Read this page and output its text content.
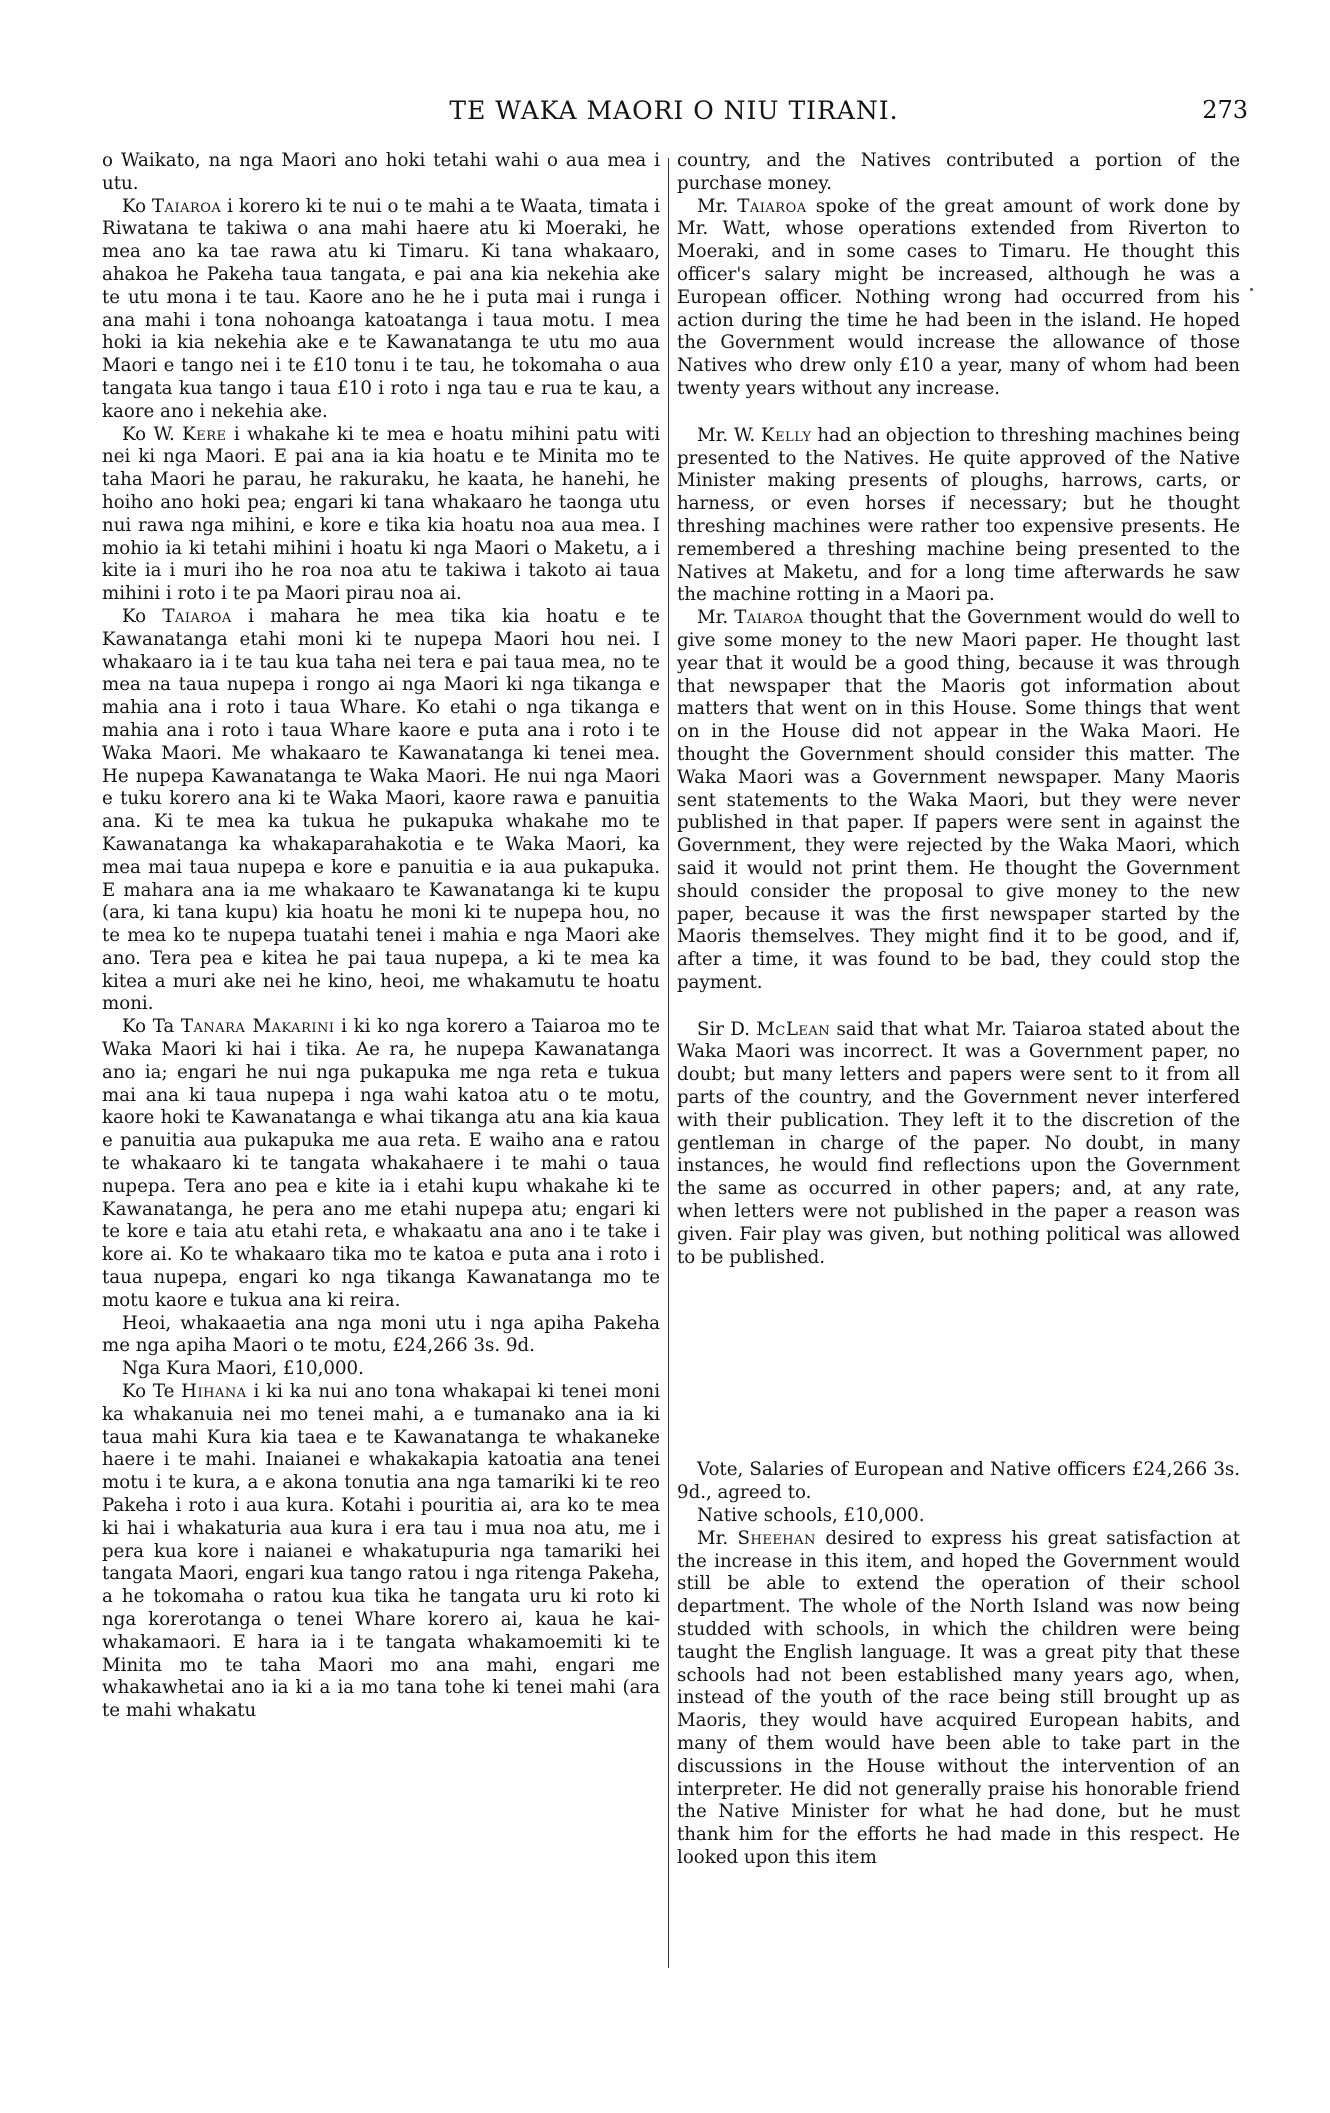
TE WAKA MAORI O NIU TIRANI.	273

o Waikato, na nga Maori ano hoki tetahi wahi o aua mea i utu.

Ko Taiaroa i korero ki te nui o te mahi a te Waata, timata i Riwatana te takiwa o ana mahi haere atu ki Moeraki, he mea ano ka tae rawa atu ki Timaru. Ki tana whakaaro, ahakoa he Pakeha taua tangata, e pai ana kia nekehia ake te utu mona i te tau. Kaore ano he he i puta mai i runga i ana mahi i tona nohoanga katoatanga i taua motu. I mea hoki ia kia nekehia ake e te Kawanatanga te utu mo aua Maori e tango nei i te £10 tonu i te tau, he tokomaha o aua tangata kua tango i taua £10 i roto i nga tau e rua te kau, a kaore ano i nekehia ake.

Ko W. Kere i whakahe ki te mea e hoatu mihini patu witi nei ki nga Maori. E pai ana ia kia hoatu e te Minita mo te taha Maori he parau, he rakuraku, he kaata, he hanehi, he hoiho ano hoki pea; engari ki tana whakaaro he taonga utu nui rawa nga mihini, e kore e tika kia hoatu noa aua mea. I mohio ia ki tetahi mihini i hoatu ki nga Maori o Maketu, a i kite ia i muri iho he roa noa atu te takiwa i takoto ai taua mihini i roto i te pa Maori pirau noa ai.

Ko Taiaroa i mahara he mea tika kia hoatu e te Kawanatanga etahi moni ki te nupepa Maori hou nei. I whakaaro ia i te tau kua taha nei tera e pai taua mea, no te mea na taua nupepa i rongo ai nga Maori ki nga tikanga e mahia ana i roto i taua Whare. Ko etahi o nga tikanga e mahia ana i roto i taua Whare kaore e puta ana i roto i te Waka Maori. Me whakaaro te Kawanatanga ki tenei mea. He nupepa Kawanatanga te Waka Maori. He nui nga Maori e tuku korero ana ki te Waka Maori, kaore rawa e panuitia ana. Ki te mea ka tukua he pukapuka whakahe mo te Kawanatanga ka whakaparahakotia e te Waka Maori, ka mea mai taua nupepa e kore e panuitia e ia aua pukapuka. E mahara ana ia me whakaaro te Kawanatanga ki te kupu (ara, ki tana kupu) kia hoatu he moni ki te nupepa hou, no te mea ko te nupepa tuatahi tenei i mahia e nga Maori ake ano. Tera pea e kitea he pai taua nupepa, a ki te mea ka kitea a muri ake nei he kino, heoi, me whakamutu te hoatu moni.

Ko Ta Tanara Makarini i ki ko nga korero a Taiaroa mo te Waka Maori ki hai i tika. Ae ra, he nupepa Kawanatanga ano ia; engari he nui nga pukapuka me nga reta e tukua mai ana ki taua nupepa i nga wahi katoa atu o te motu, kaore hoki te Kawanatanga e whai tikanga atu ana kia kaua e panuitia aua pukapuka me aua reta. E waiho ana e ratou te whakaaro ki te tangata whakahaere i te mahi o taua nupepa. Tera ano pea e kite ia i etahi kupu whakahe ki te Kawanatanga, he pera ano me etahi nupepa atu; engari ki te kore e taia atu etahi reta, e whakaatu ana ano i te take i kore ai. Ko te whakaaro tika mo te katoa e puta ana i roto i taua nupepa, engari ko nga tikanga Kawanatanga mo te motu kaore e tukua ana ki reira.

Heoi, whakaaetia ana nga moni utu i nga apiha Pakeha me nga apiha Maori o te motu, £24,266 3s. 9d.

Nga Kura Maori, £10,000.

Ko Te Hihana i ki ka nui ano tona whakapai ki tenei moni ka whakanuia nei mo tenei mahi, a e tumanako ana ia ki taua mahi Kura kia taea e te Kawanatanga te whakaneke haere i te mahi. Inaianei e whakakapia katoatia ana tenei motu i te kura, a e akona tonutia ana nga tamariki ki te reo Pakeha i roto i aua kura. Kotahi i pouritia ai, ara ko te mea ki hai i whakaturia aua kura i era tau i mua noa atu, me i pera kua kore i naianei e whakatupuria nga tamariki hei tangata Maori, engari kua tango ratou i nga ritenga Pakeha, a he tokomaha o ratou kua tika he tangata uru ki roto ki nga korerotanga o tenei Whare korero ai, kaua he kai-whakamaori. E hara ia i te tangata whakamoemiti ki te Minita mo te taha Maori mo ana mahi, engari me whakawhetai ano ia ki a ia mo tana tohe ki tenei mahi (ara te mahi whakatu

country, and the Natives contributed a portion of the purchase money.

Mr. Taiaroa spoke of the great amount of work done by Mr. Watt, whose operations extended from Riverton to Moeraki, and in some cases to Timaru. He thought this officer's salary might be increased, although he was a European officer. Nothing wrong had occurred from his action during the time he had been in the island. He hoped the Government would increase the allowance of those Natives who drew only £10 a year, many of whom had been twenty years without any increase.

Mr. W. Kelly had an objection to threshing machines being presented to the Natives. He quite approved of the Native Minister making presents of ploughs, harrows, carts, or harness, or even horses if necessary; but he thought threshing machines were rather too expensive presents. He remembered a threshing machine being presented to the Natives at Maketu, and for a long time afterwards he saw the machine rotting in a Maori pa.

Mr. Taiaroa thought that the Government would do well to give some money to the new Maori paper. He thought last year that it would be a good thing, because it was through that newspaper that the Maoris got information about matters that went on in this House. Some things that went on in the House did not appear in the Waka Maori. He thought the Government should consider this matter. The Waka Maori was a Government newspaper. Many Maoris sent statements to the Waka Maori, but they were never published in that paper. If papers were sent in against the Government, they were rejected by the Waka Maori, which said it would not print them. He thought the Government should consider the proposal to give money to the new paper, because it was the first newspaper started by the Maoris themselves. They might find it to be good, and if, after a time, it was found to be bad, they could stop the payment.

Sir D. McLean said that what Mr. Taiaroa stated about the Waka Maori was incorrect. It was a Government paper, no doubt; but many letters and papers were sent to it from all parts of the country, and the Government never interfered with their publication. They left it to the discretion of the gentleman in charge of the paper. No doubt, in many instances, he would find reflections upon the Government the same as occurred in other papers; and, at any rate, when letters were not published in the paper a reason was given. Fair play was given, but nothing political was allowed to be published.

Vote, Salaries of European and Native officers £24,266 3s. 9d., agreed to.

Native schools, £10,000.

Mr. Sheehan desired to express his great satisfaction at the increase in this item, and hoped the Government would still be able to extend the operation of their school department. The whole of the North Island was now being studded with schools, in which the children were being taught the English language. It was a great pity that these schools had not been established many years ago, when, instead of the youth of the race being still brought up as Maoris, they would have acquired European habits, and many of them would have been able to take part in the discussions in the House without the intervention of an interpreter. He did not generally praise his honorable friend the Native Minister for what he had done, but he must thank him for the efforts he had made in this respect. He looked upon this item
